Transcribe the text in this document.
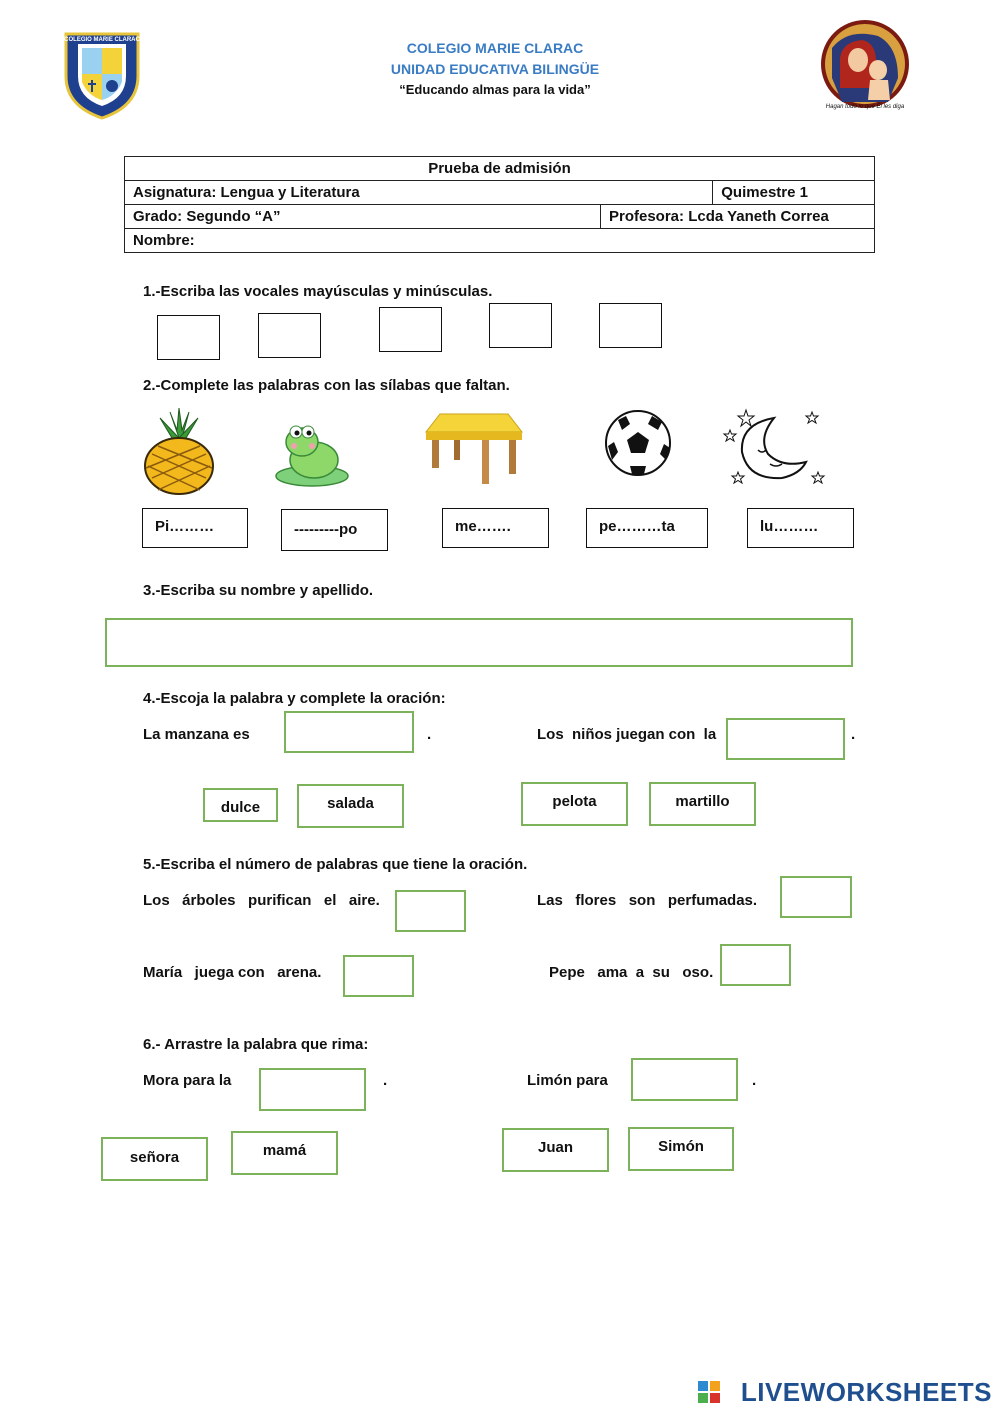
COLEGIO MARIE CLARAC	COLEGIO MARIE CLARAC
UNIDAD EDUCATIVA BILINGÜE
“Educando almas para la vida”
Hagan todo lo que Él les diga
Prueba de admisión		
Asignatura: Lengua y Literatura		Quimestre 1
Grado: Segundo “A”	Profesora: Lcda Yaneth Correa	
Nombre:		
1.-Escriba las vocales mayúsculas y minúsculas.
2.-Complete las palabras con las sílabas que faltan.
Pi………	---------po	me…….	pe………ta	lu………
3.-Escriba su nombre y apellido.
4.-Escoja la palabra y complete la oración:
La manzana es	.	Los  niños juegan con  la	.
dulce	salada	pelota	martillo
5.-Escriba el número de palabras que tiene la oración.
Los   árboles   purifican   el   aire.	Las   flores   son   perfumadas.
María   juega con   arena.	Pepe   ama  a  su   oso.
6.- Arrastre la palabra que rima:
Mora para la	.	Limón para	.
señora	mamá	Juan	Simón
LIVEWORKSHEETS
